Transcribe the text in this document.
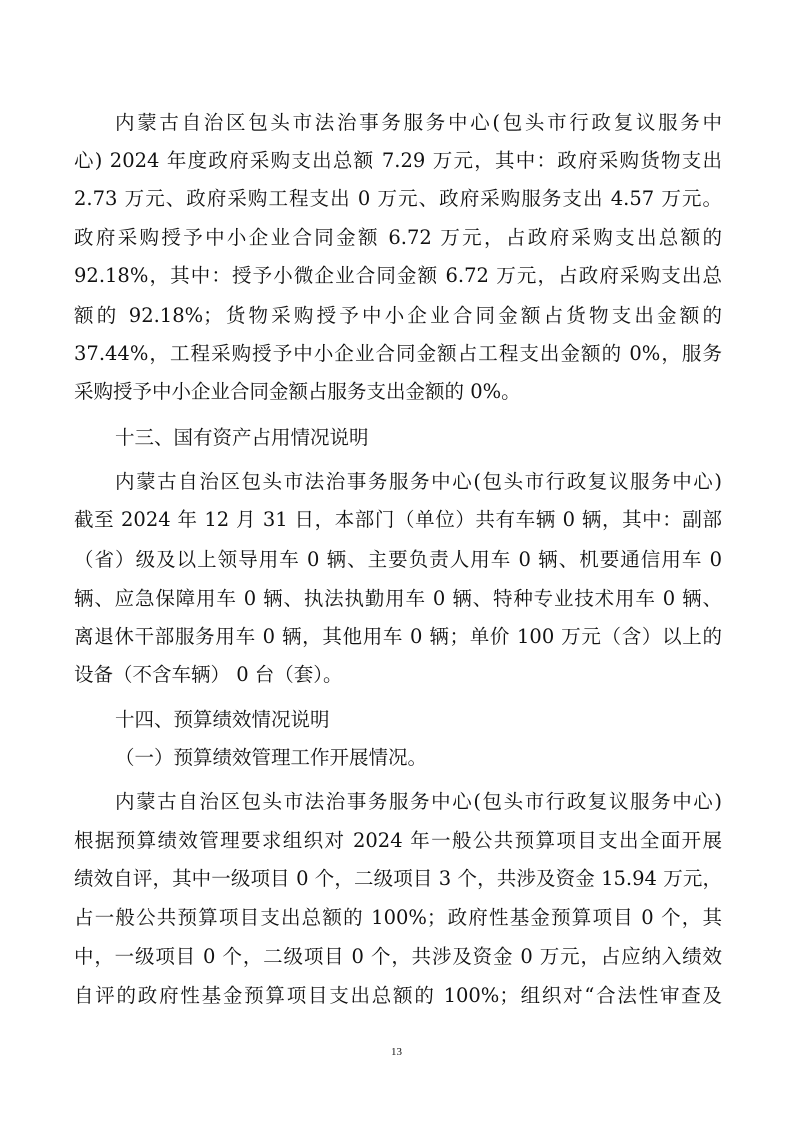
内蒙古自治区包头市法治事务服务中心(包头市行政复议服务中
心) 2024 年度政府采购支出总额 7.29 万元，其中：政府采购货物支出
2.73 万元、政府采购工程支出 0 万元、政府采购服务支出 4.57 万元。
政府采购授予中小企业合同金额 6.72 万元，占政府采购支出总额的
92.18%，其中：授予小微企业合同金额 6.72 万元，占政府采购支出总
额的 92.18%；货物采购授予中小企业合同金额占货物支出金额的
37.44%，工程采购授予中小企业合同金额占工程支出金额的 0%，服务
采购授予中小企业合同金额占服务支出金额的 0%。
十三、国有资产占用情况说明
内蒙古自治区包头市法治事务服务中心(包头市行政复议服务中心)
截至 2024 年 12 月 31 日，本部门（单位）共有车辆 0 辆，其中：副部
（省）级及以上领导用车 0 辆、主要负责人用车 0 辆、机要通信用车 0
辆、应急保障用车 0 辆、执法执勤用车 0 辆、特种专业技术用车 0 辆、
离退休干部服务用车 0 辆，其他用车 0 辆；单价 100 万元（含）以上的
设备（不含车辆） 0 台（套）。
十四、预算绩效情况说明
（一）预算绩效管理工作开展情况。
内蒙古自治区包头市法治事务服务中心(包头市行政复议服务中心)
根据预算绩效管理要求组织对 2024 年一般公共预算项目支出全面开展
绩效自评，其中一级项目 0 个，二级项目 3 个，共涉及资金 15.94 万元，
占一般公共预算项目支出总额的 100%；政府性基金预算项目 0 个，其
中，一级项目 0 个，二级项目 0 个，共涉及资金 0 万元，占应纳入绩效
自评的政府性基金预算项目支出总额的 100%；组织对“合法性审查及
13
